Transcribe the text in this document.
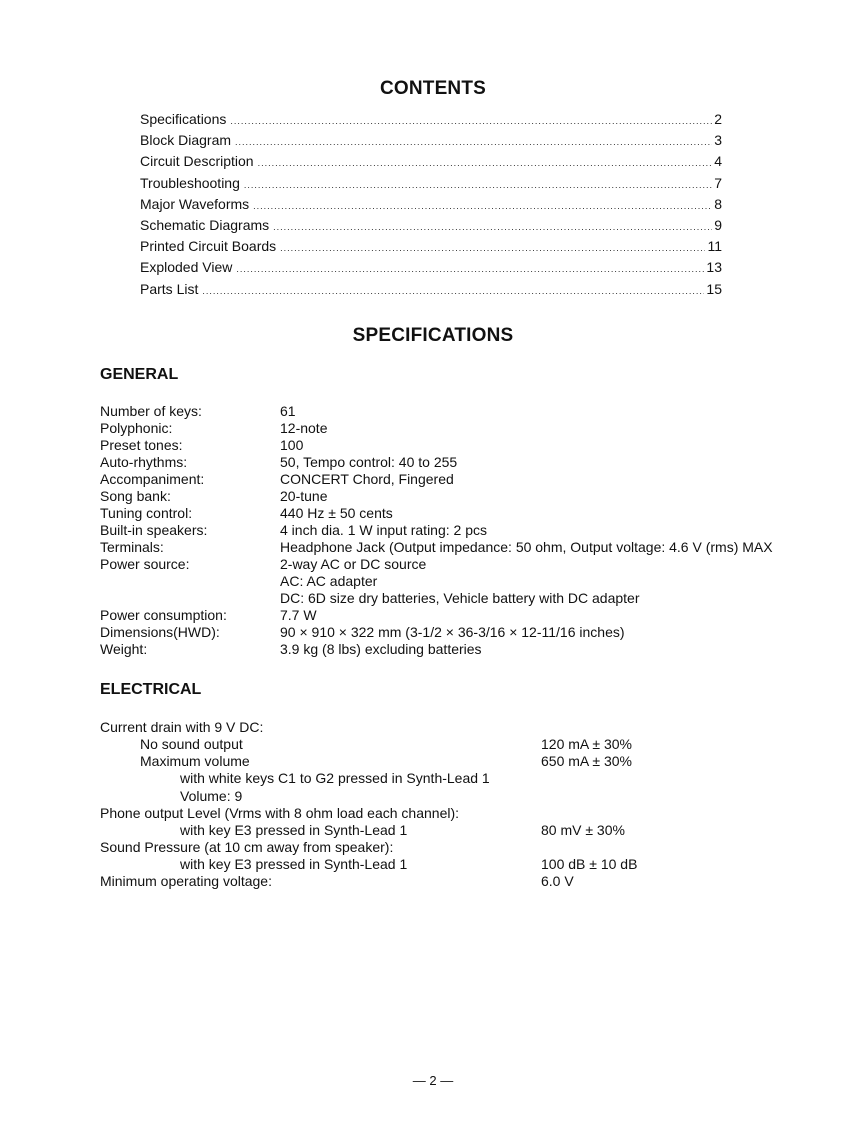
CONTENTS
Specifications .....	2
Block Diagram .....	3
Circuit Description .....	4
Troubleshooting .....	7
Major Waveforms .....	8
Schematic Diagrams .....	9
Printed Circuit Boards .....	11
Exploded View .....	13
Parts List .....	15
SPECIFICATIONS
GENERAL
Number of keys:	61
Polyphonic:	12-note
Preset tones:	100
Auto-rhythms:	50, Tempo control: 40 to 255
Accompaniment:	CONCERT Chord, Fingered
Song bank:	20-tune
Tuning control:	440 Hz ± 50 cents
Built-in speakers:	4 inch dia. 1 W input rating: 2 pcs
Terminals:	Headphone Jack (Output impedance: 50 ohm, Output voltage: 4.6 V (rms) MAX
Power source:	2-way AC or DC source
AC: AC adapter
DC: 6D size dry batteries, Vehicle battery with DC adapter
Power consumption:	7.7 W
Dimensions(HWD):	90 × 910 × 322 mm (3-1/2 × 36-3/16 × 12-11/16 inches)
Weight:	3.9 kg (8 lbs) excluding batteries
ELECTRICAL
Current drain with 9 V DC:
No sound output	120 mA ± 30%
Maximum volume	650 mA ± 30%
with white keys C1 to G2 pressed in Synth-Lead 1
Volume: 9
Phone output Level (Vrms with 8 ohm load each channel):
with key E3 pressed in Synth-Lead 1	80 mV ± 30%
Sound Pressure (at 10 cm away from speaker):
with key E3 pressed in Synth-Lead 1	100 dB ± 10 dB
Minimum operating voltage:	6.0 V
— 2 —
